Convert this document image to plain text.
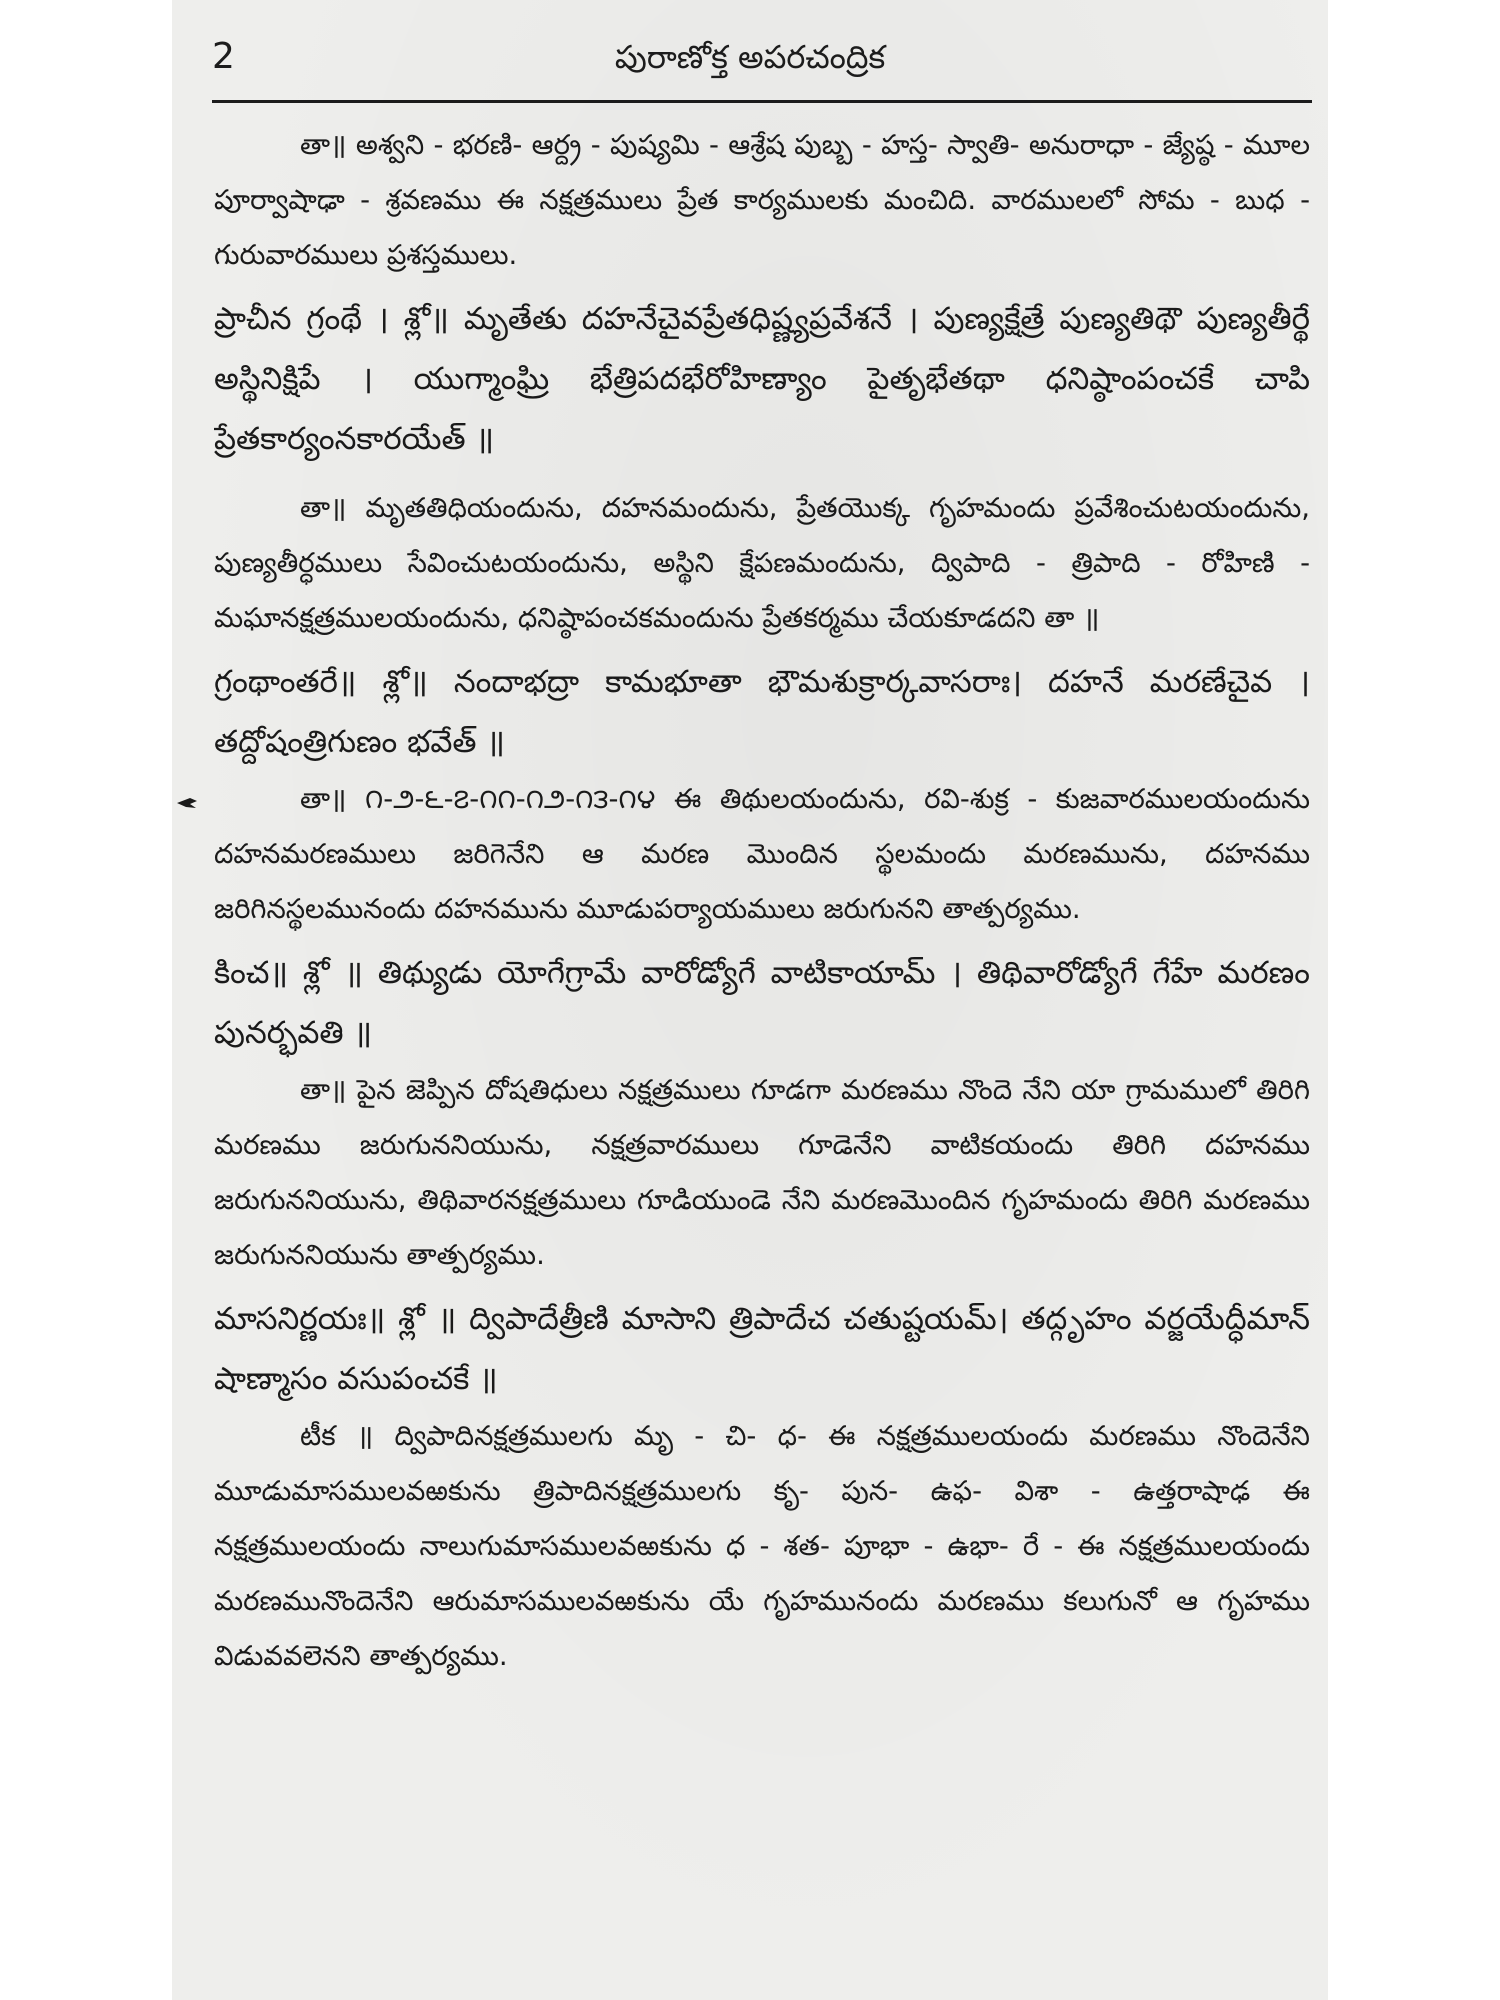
2	పురాణోక్త అపరచంద్రిక

తా॥ అశ్వని - భరణి- ఆర్ద్ర - పుష్యమి - ఆశ్రేష పుబ్బ - హస్త- స్వాతి- అనురాధా - జ్యేష్ఠ - మూల పూర్వాషాఢా - శ్రవణము ఈ నక్షత్రములు ప్రేత కార్యములకు మంచిది. వారములలో సోమ - బుధ - గురువారములు ప్రశస్తములు.

ప్రాచీన గ్రంథే । శ్లో॥ మృతేతు దహనేచైవప్రేతధిష్ణ్యప్రవేశనే । పుణ్యక్షేత్రే పుణ్యతిథౌ పుణ్యతీర్థే అస్థినిక్షిపే । యుగ్మాంఘ్రి భేత్రిపదభేరోహిణ్యాం పైతృభేతథా ధనిష్ఠాంపంచకే చాపి ప్రేతకార్యంనకారయేత్ ॥

తా॥ మృతతిధియందును, దహనమందును, ప్రేతయొక్క గృహమందు ప్రవేశించుటయందును, పుణ్యతీర్ధములు సేవించుటయందును, అస్థిని క్షేపణమందును, ద్విపాది - త్రిపాది - రోహిణి - మఘానక్షత్రములయందును, ధనిష్ఠాపంచకమందును ప్రేతకర్మము చేయకూడదని తా ॥

గ్రంథాంతరే॥ శ్లో॥ నందాభద్రా కామభూతా భౌమశుక్రార్కవాసరాః। దహనే మరణేచైవ । తద్దోషంత్రిగుణం భవేత్ ॥

తా॥ ౧-౨-౬-౭-౧౧-౧౨-౧౩-౧౪ ఈ తిథులయందును, రవి-శుక్ర - కుజవారములయందును దహనమరణములు జరిగెనేని ఆ మరణ మొందిన స్థలమందు మరణమును, దహనము జరిగినస్థలమునందు దహనమును మూడుపర్యాయములు జరుగునని తాత్పర్యము.

కించ॥ శ్లో ॥ తిథ్యుడు యోగేగ్రామే వారోడ్యోగే వాటికాయామ్ । తిథివారోడ్యోగే గేహే మరణం పునర్భవతి ॥

తా॥ పైన జెప్పిన దోషతిధులు నక్షత్రములు గూడగా మరణము నొందె నేని యా గ్రామములో తిరిగి మరణము జరుగుననియును, నక్షత్రవారములు గూడెనేని వాటికయందు తిరిగి దహనము జరుగుననియును, తిథివారనక్షత్రములు గూడియుండె నేని మరణమొందిన గృహమందు తిరిగి మరణము జరుగుననియును తాత్పర్యము.

మాసనిర్ణయః॥ శ్లో ॥ ద్విపాదేత్రీణి మాసాని త్రిపాదేచ చతుష్టయమ్। తద్గృహం వర్జయేద్ధీమాన్ షాణ్మాసం వసుపంచకే ॥

టీక ॥ ద్విపాదినక్షత్రములగు మృ - చి- ధ- ఈ నక్షత్రములయందు మరణము నొందెనేని మూడుమాసములవఱకును త్రిపాదినక్షత్రములగు కృ- పున- ఉఫ- విశా - ఉత్తరాషాఢ ఈ నక్షత్రములయందు నాలుగుమాసములవఱకును ధ - శత- పూభా - ఉభా- రే - ఈ నక్షత్రములయందు మరణమునొందెనేని ఆరుమాసములవఱకును యే గృహమునందు మరణము కలుగునో ఆ గృహము విడువవలెనని తాత్పర్యము.
